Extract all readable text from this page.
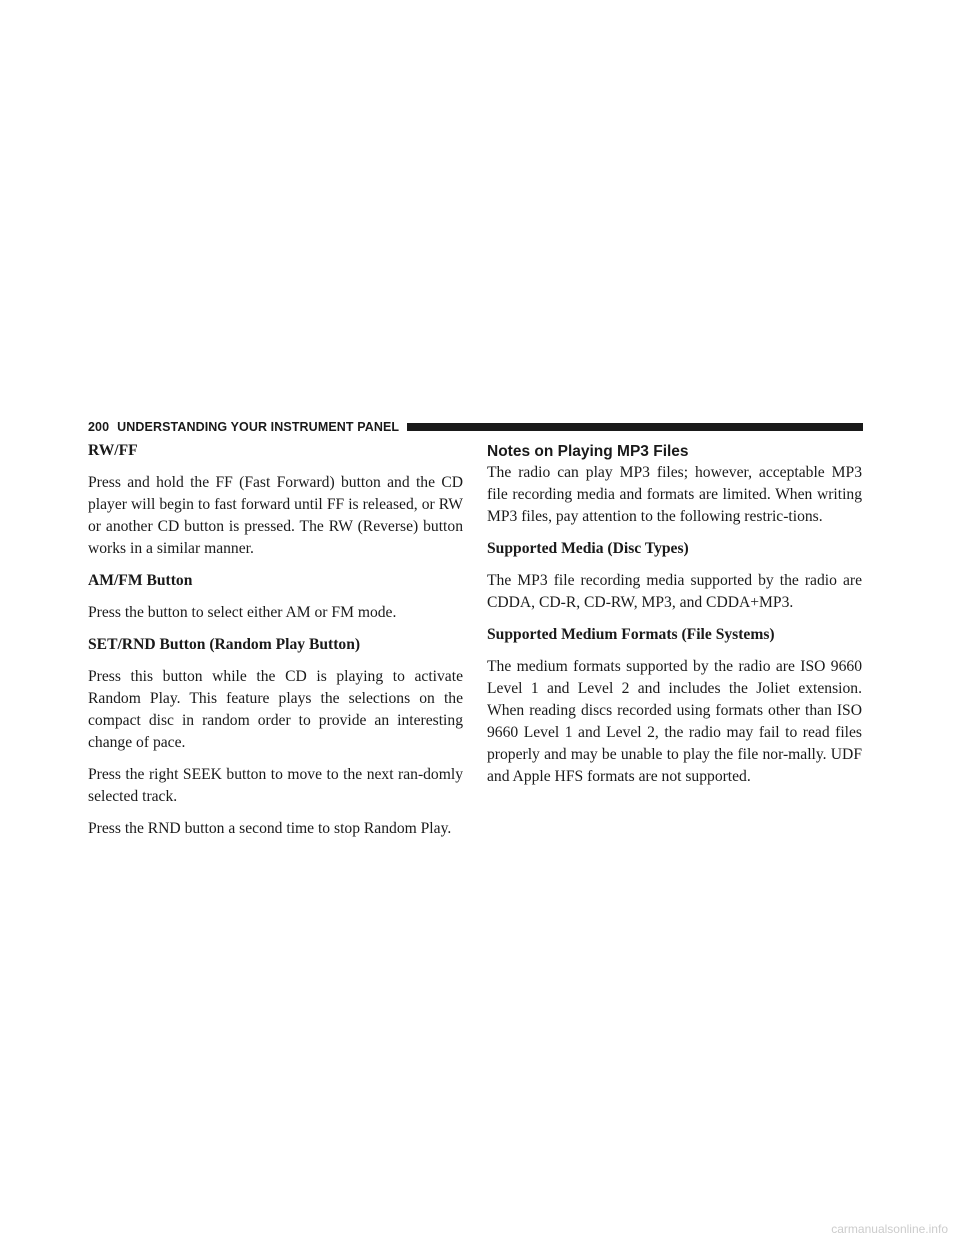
200 UNDERSTANDING YOUR INSTRUMENT PANEL

RW/FF

Press and hold the FF (Fast Forward) button and the CD player will begin to fast forward until FF is released, or RW or another CD button is pressed. The RW (Reverse) button works in a similar manner.

AM/FM Button

Press the button to select either AM or FM mode.

SET/RND Button (Random Play Button)

Press this button while the CD is playing to activate Random Play. This feature plays the selections on the compact disc in random order to provide an interesting change of pace.

Press the right SEEK button to move to the next ran-domly selected track.

Press the RND button a second time to stop Random Play.

Notes on Playing MP3 Files

The radio can play MP3 files; however, acceptable MP3 file recording media and formats are limited. When writing MP3 files, pay attention to the following restric-tions.

Supported Media (Disc Types)

The MP3 file recording media supported by the radio are CDDA, CD-R, CD-RW, MP3, and CDDA+MP3.

Supported Medium Formats (File Systems)

The medium formats supported by the radio are ISO 9660 Level 1 and Level 2 and includes the Joliet extension. When reading discs recorded using formats other than ISO 9660 Level 1 and Level 2, the radio may fail to read files properly and may be unable to play the file nor-mally. UDF and Apple HFS formats are not supported.

carmanualsonline.info
